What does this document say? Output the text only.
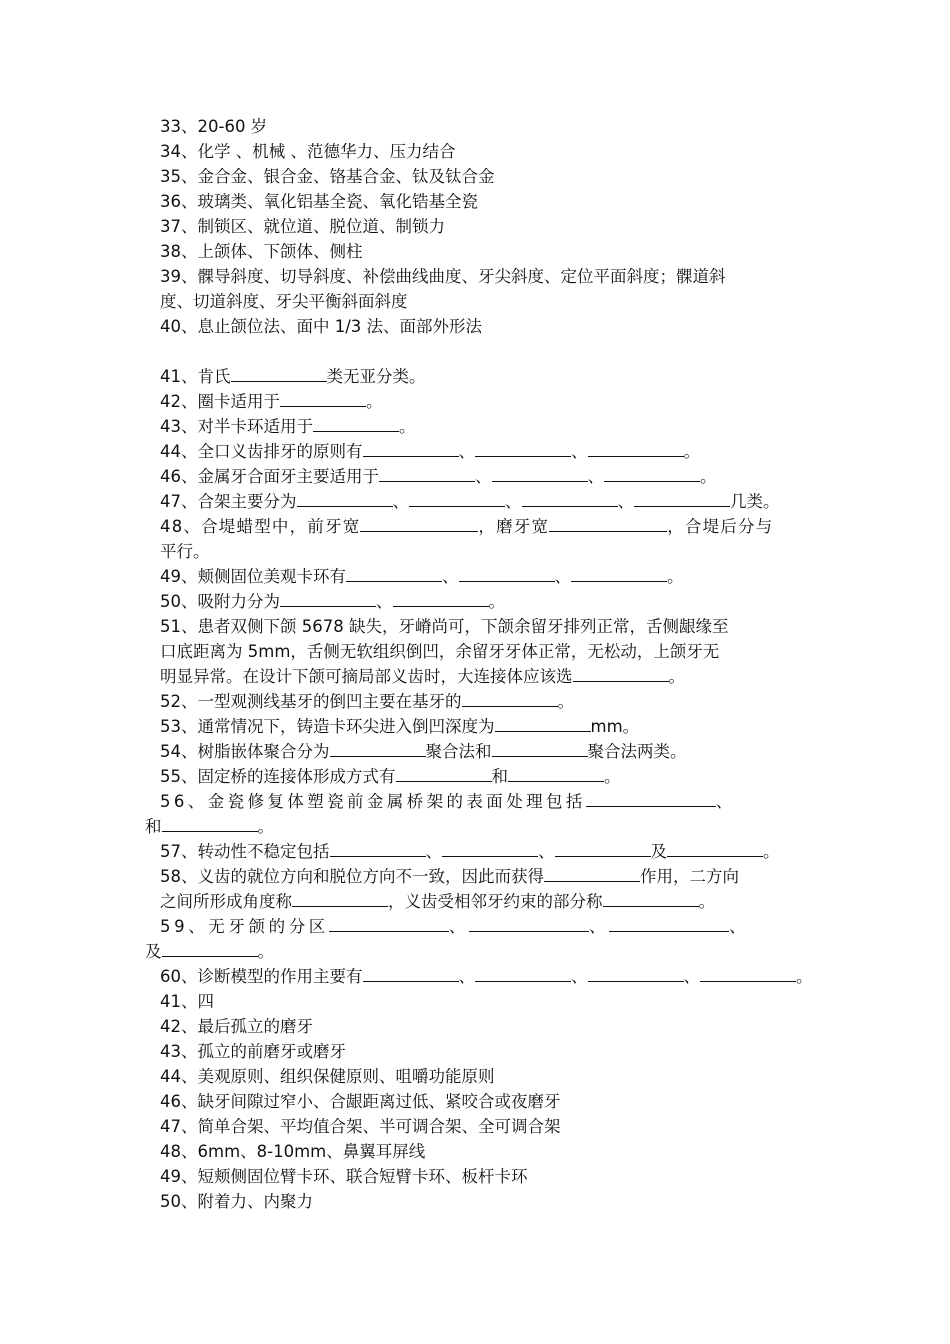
33、20-60 岁
34、化学 、机械 、范德华力、压力结合
35、金合金、银合金、铬基合金、钛及钛合金
36、玻璃类、氧化铝基全瓷、氧化锆基全瓷
37、制锁区、就位道、脱位道、制锁力
38、上颌体、下颌体、侧柱
39、髁导斜度、切导斜度、补偿曲线曲度、牙尖斜度、定位平面斜度；髁道斜
度、切道斜度、牙尖平衡斜面斜度
40、息止颌位法、面中 1/3 法、面部外形法
41、肯氏	类无亚分类。
42、圈卡适用于	。
43、对半卡环适用于	。
44、全口义齿排牙的原则有	、	、	。
46、金属牙合面牙主要适用于	、	、	。
47、合架主要分为	、	、	、	几类。
48、合堤蜡型中，前牙宽	，磨牙宽	，合堤后分与
平行。
49、颊侧固位美观卡环有	、	、	。
50、吸附力分为	、	。
51、患者双侧下颌 5678 缺失，牙嵴尚可，下颌余留牙排列正常，舌侧龈缘至
口底距离为 5mm，舌侧无软组织倒凹，余留牙牙体正常，无松动，上颌牙无
明显异常。在设计下颌可摘局部义齿时，大连接体应该选	。
52、一型观测线基牙的倒凹主要在基牙的	。
53、通常情况下，铸造卡环尖进入倒凹深度为	mm。
54、树脂嵌体聚合分为	聚合法和	聚合法两类。
55、固定桥的连接体形成方式有	和	。
56、金瓷修复体塑瓷前金属桥架的表面处理包括	、
和	。
57、转动性不稳定包括	、	、	及	。
58、义齿的就位方向和脱位方向不一致，因此而获得	作用，二方向
之间所形成角度称	，义齿受相邻牙约束的部分称	。
59、无牙颌的分区	、	、	、
及	。
60、诊断模型的作用主要有	、	、	、	。
41、四
42、最后孤立的磨牙
43、孤立的前磨牙或磨牙
44、美观原则、组织保健原则、咀嚼功能原则
46、缺牙间隙过窄小、合龈距离过低、紧咬合或夜磨牙
47、简单合架、平均值合架、半可调合架、全可调合架
48、6mm、8-10mm、鼻翼耳屏线
49、短颊侧固位臂卡环、联合短臂卡环、板杆卡环
50、附着力、内聚力
